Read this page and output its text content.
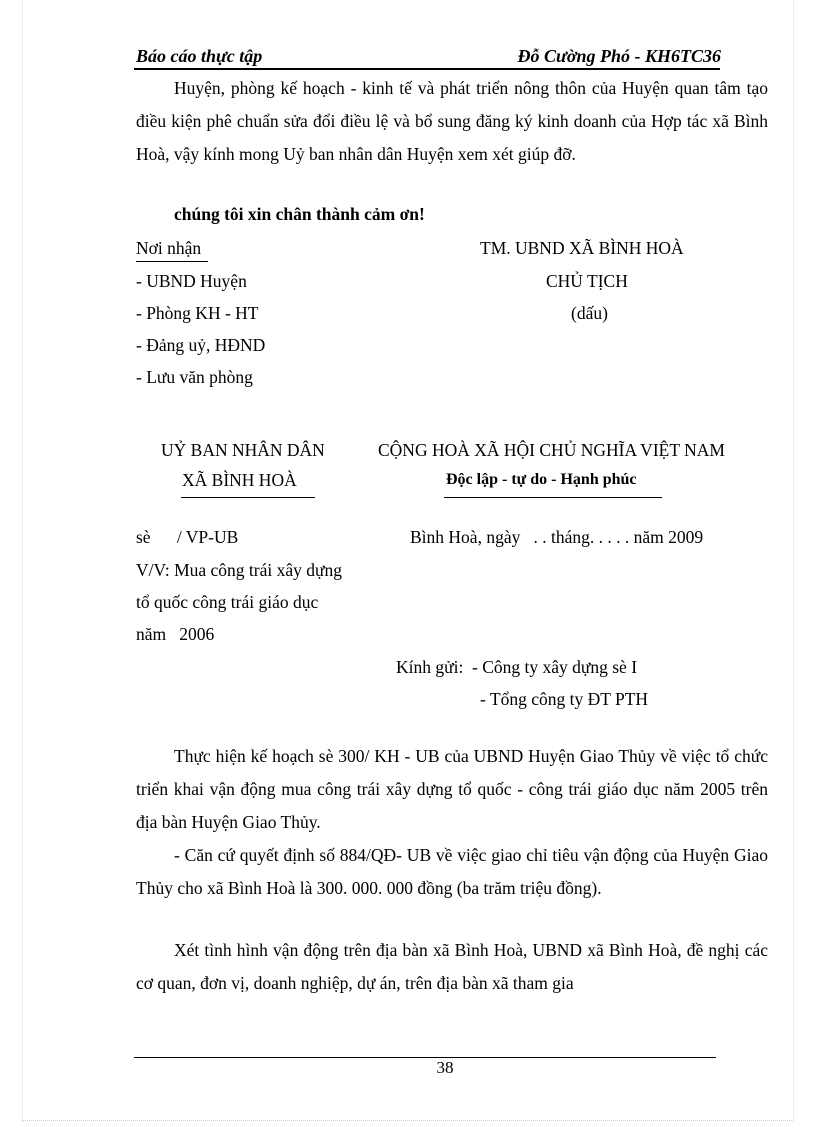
Báo cáo thực tập	Đỗ Cường Phó - KH6TC36
Huyện, phòng kế hoạch - kinh tế và phát triển nông thôn của Huyện quan tâm tạo điều kiện phê chuẩn sửa đổi điều lệ và bổ sung đăng ký kinh doanh của Hợp tác xã Bình Hoà, vậy kính mong Uỷ ban nhân dân Huyện xem xét giúp đỡ.
chúng tôi xin chân thành cảm ơn!
Nơi nhận
- UBND Huyện
- Phòng KH - HT
- Đảng uỷ, HĐND
- Lưu văn phòng
TM. UBND XÃ BÌNH HOÀ
CHỦ TỊCH
(dấu)
UỶ BAN NHÂN DÂN
XÃ BÌNH HOÀ
CỘNG HOÀ XÃ HỘI CHỦ NGHĨA VIỆT NAM
Độc lập - tự do - Hạnh phúc
sè      / VP-UB	Bình Hoà, ngày   . . tháng. . . . . năm 2009
V/V: Mua công trái xây dựng
tổ quốc công trái giáo dục
năm   2006
Kính gửi: - Công ty xây dựng sè I
- Tổng công ty ĐT PTH
Thực hiện kế hoạch sè 300/ KH - UB của UBND Huyện Giao Thủy về việc tổ chức triển khai vận động mua công trái xây dựng tổ quốc - công trái giáo dục năm 2005 trên địa bàn Huyện Giao Thủy.
- Căn cứ quyết định số 884/QĐ- UB về việc giao chỉ tiêu vận động của Huyện Giao Thủy cho xã Bình Hoà là 300. 000. 000 đồng (ba trăm triệu đồng).
Xét tình hình vận động trên địa bàn xã Bình Hoà, UBND xã Bình Hoà, đề nghị các cơ quan, đơn vị, doanh nghiệp, dự án, trên địa bàn xã tham gia
38
